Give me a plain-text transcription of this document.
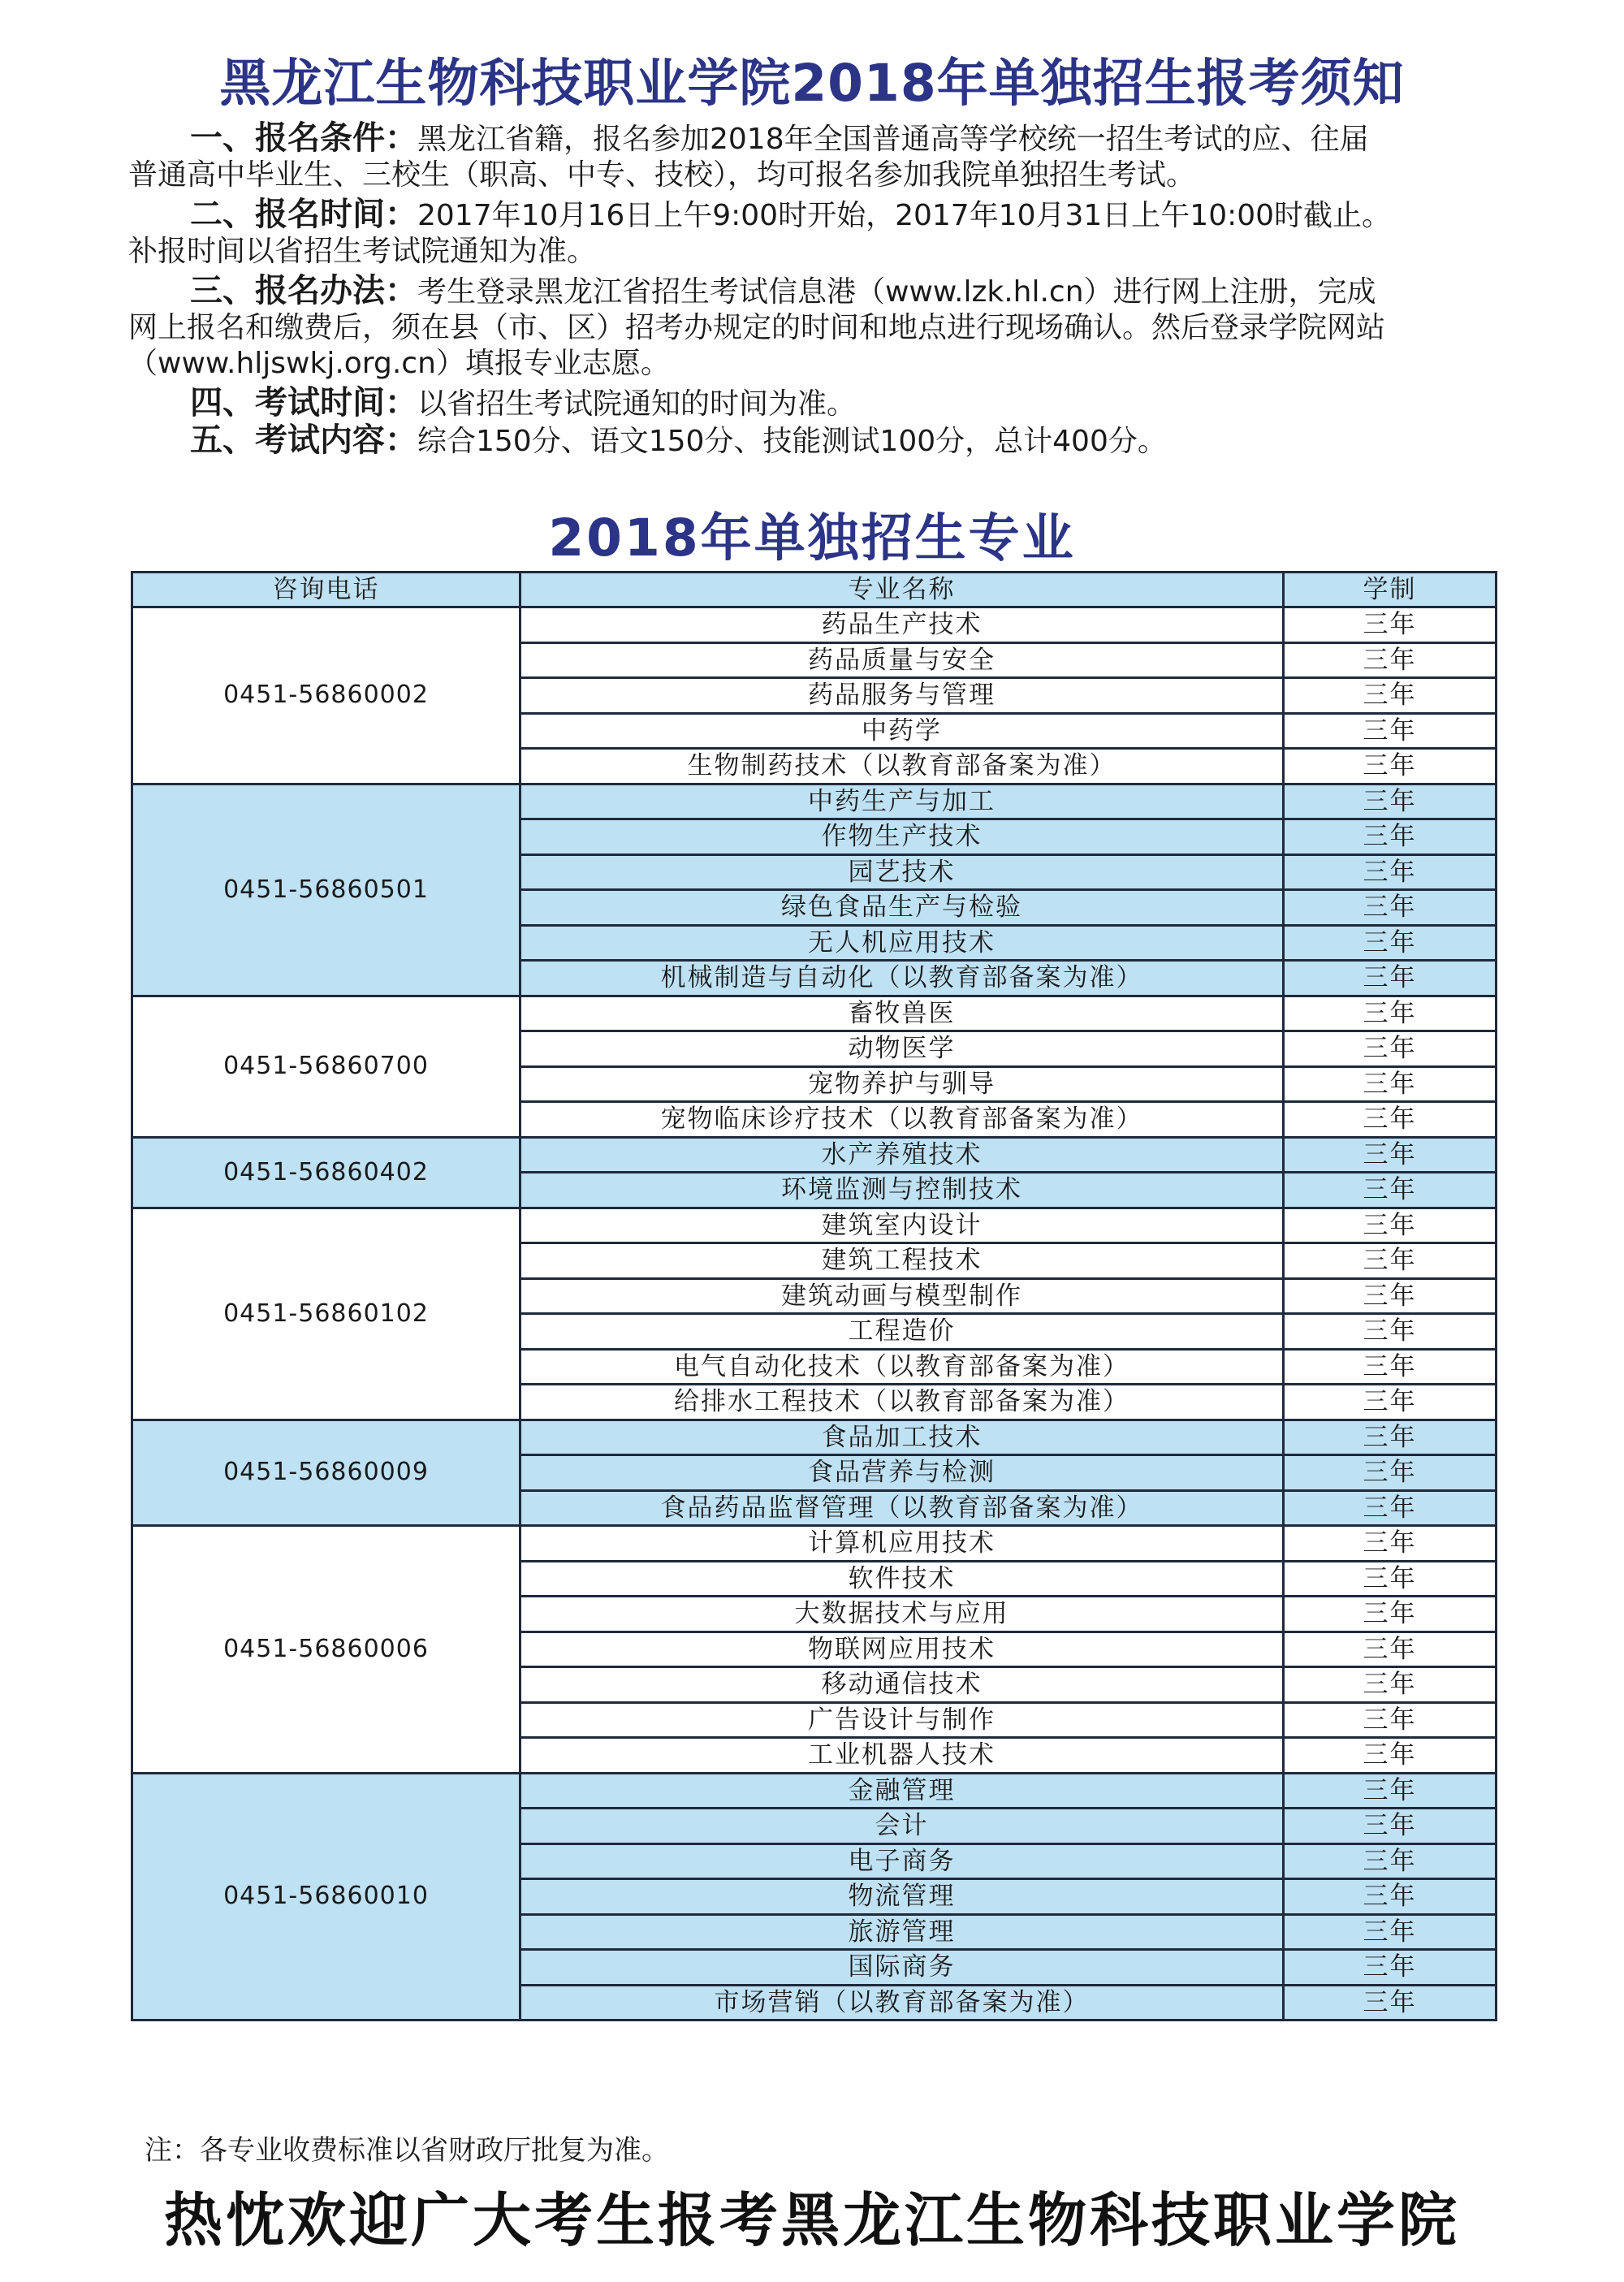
黑龙江生物科技职业学院2018年单独招生报考须知

一、报名条件：黑龙江省籍，报名参加2018年全国普通高等学校统一招生考试的应、往届

普通高中毕业生、三校生（职高、中专、技校），均可报名参加我院单独招生考试。

二、报名时间：2017年10月16日上午9:00时开始，2017年10月31日上午10:00时截止。

补报时间以省招生考试院通知为准。

三、报名办法：考生登录黑龙江省招生考试信息港（www.lzk.hl.cn）进行网上注册，完成

网上报名和缴费后，须在县（市、区）招考办规定的时间和地点进行现场确认。然后登录学院网站

（www.hljswkj.org.cn）填报专业志愿。

四、考试时间：以省招生考试院通知的时间为准。

五、考试内容：综合150分、语文150分、技能测试100分，总计400分。

2018年单独招生专业
咨询电话	专业名称	学制
0451-56860002	药品生产技术	三年
	药品质量与安全	三年
	药品服务与管理	三年
	中药学	三年
	生物制药技术（以教育部备案为准）	三年
0451-56860501	中药生产与加工	三年
	作物生产技术	三年
	园艺技术	三年
	绿色食品生产与检验	三年
	无人机应用技术	三年
	机械制造与自动化（以教育部备案为准）	三年
0451-56860700	畜牧兽医	三年
	动物医学	三年
	宠物养护与驯导	三年
	宠物临床诊疗技术（以教育部备案为准）	三年
0451-56860402	水产养殖技术	三年
	环境监测与控制技术	三年
0451-56860102	建筑室内设计	三年
	建筑工程技术	三年
	建筑动画与模型制作	三年
	工程造价	三年
	电气自动化技术（以教育部备案为准）	三年
	给排水工程技术（以教育部备案为准）	三年
0451-56860009	食品加工技术	三年
	食品营养与检测	三年
	食品药品监督管理（以教育部备案为准）	三年
0451-56860006	计算机应用技术	三年
	软件技术	三年
	大数据技术与应用	三年
	物联网应用技术	三年
	移动通信技术	三年
	广告设计与制作	三年
	工业机器人技术	三年
0451-56860010	金融管理	三年
	会计	三年
	电子商务	三年
	物流管理	三年
	旅游管理	三年
	国际商务	三年
	市场营销（以教育部备案为准）	三年

注：各专业收费标准以省财政厅批复为准。

热忱欢迎广大考生报考黑龙江生物科技职业学院
